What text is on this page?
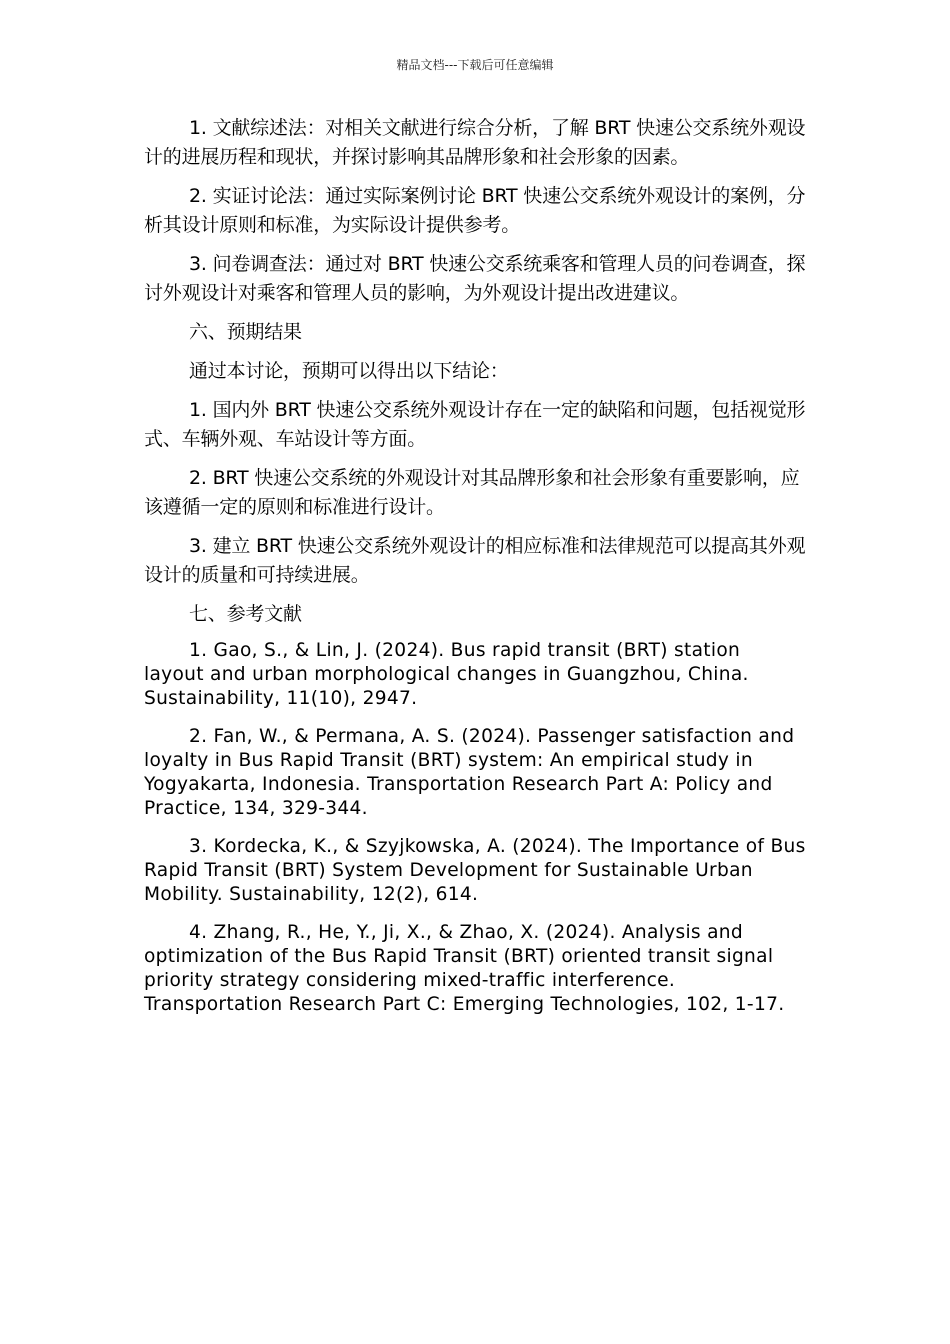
精品文档---下载后可任意编辑

1. 文献综述法：对相关文献进行综合分析，了解 BRT 快速公交系统外观设计的进展历程和现状，并探讨影响其品牌形象和社会形象的因素。

2. 实证讨论法：通过实际案例讨论 BRT 快速公交系统外观设计的案例，分析其设计原则和标准，为实际设计提供参考。

3. 问卷调查法：通过对 BRT 快速公交系统乘客和管理人员的问卷调查，探讨外观设计对乘客和管理人员的影响，为外观设计提出改进建议。

六、预期结果

通过本讨论，预期可以得出以下结论：

1. 国内外 BRT 快速公交系统外观设计存在一定的缺陷和问题，包括视觉形式、车辆外观、车站设计等方面。

2. BRT 快速公交系统的外观设计对其品牌形象和社会形象有重要影响，应该遵循一定的原则和标准进行设计。

3. 建立 BRT 快速公交系统外观设计的相应标准和法律规范可以提高其外观设计的质量和可持续进展。

七、参考文献

1. Gao, S., & Lin, J. (2024). Bus rapid transit (BRT) station layout and urban morphological changes in Guangzhou, China. Sustainability, 11(10), 2947.

2. Fan, W., & Permana, A. S. (2024). Passenger satisfaction and loyalty in Bus Rapid Transit (BRT) system: An empirical study in Yogyakarta, Indonesia. Transportation Research Part A: Policy and Practice, 134, 329-344.

3. Kordecka, K., & Szyjkowska, A. (2024). The Importance of Bus Rapid Transit (BRT) System Development for Sustainable Urban Mobility. Sustainability, 12(2), 614.

4. Zhang, R., He, Y., Ji, X., & Zhao, X. (2024). Analysis and optimization of the Bus Rapid Transit (BRT) oriented transit signal priority strategy considering mixed-traffic interference. Transportation Research Part C: Emerging Technologies, 102, 1-17.
